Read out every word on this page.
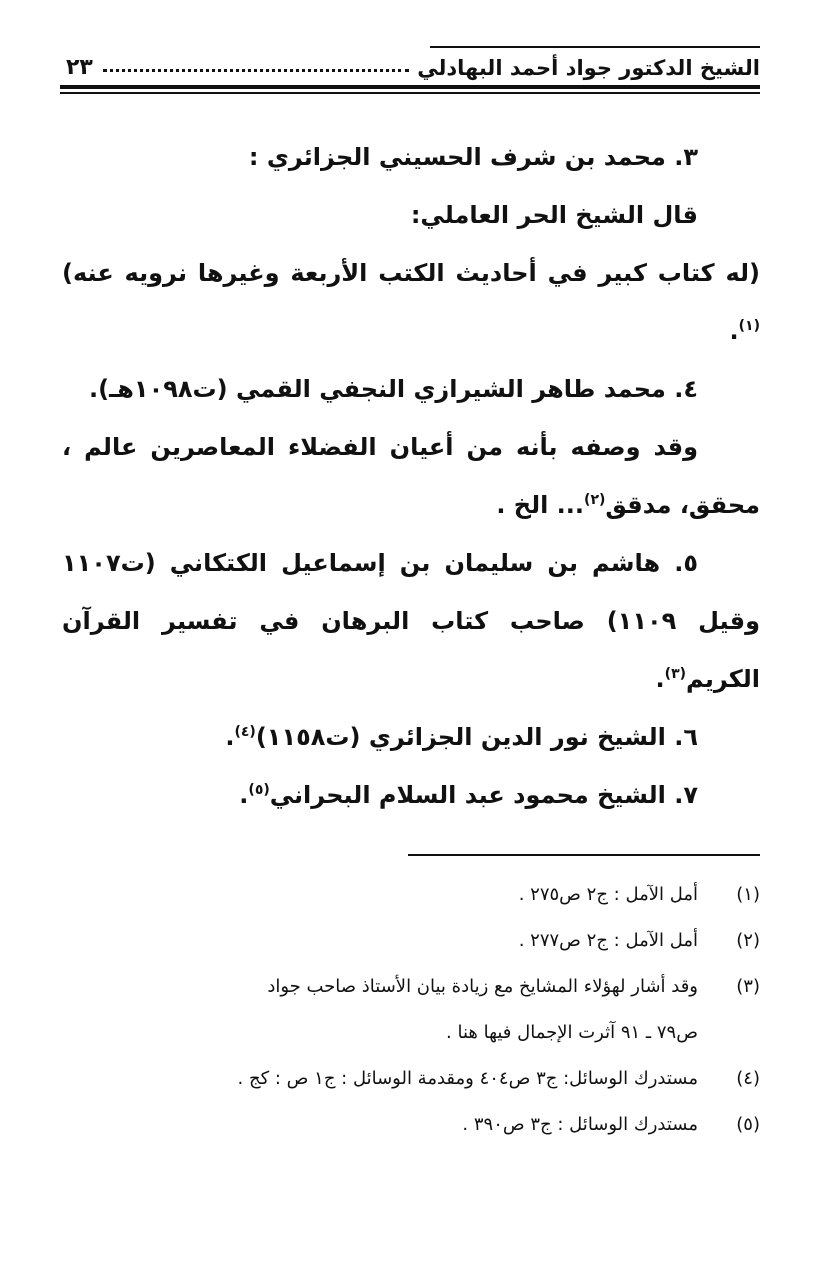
الشيخ الدكتور جواد أحمد البهادلي
٢٣

٣. محمد بن شرف الحسيني الجزائري :

قال الشيخ الحر العاملي:

(له كتاب كبير في أحاديث الكتب الأربعة وغيرها نرويه عنه)$^{(١)}$.

٤. محمد طاهر الشيرازي النجفي القمي (ت١٠٩٨هـ).

وقد وصفه بأنه من أعيان الفضلاء المعاصرين عالم ، محقق، مدقق$^{(٢)}$... الخ .

٥. هاشم بن سليمان بن إسماعيل الكتكاني (ت١١٠٧ وقيل ١١٠٩) صاحب كتاب البرهان في تفسير القرآن الكريم$^{(٣)}$.

٦. الشيخ نور الدين الجزائري (ت١١٥٨)$^{(٤)}$.

٧. الشيخ محمود عبد السلام البحراني$^{(٥)}$.

(١)
أمل الآمل : ج٢ ص٢٧٥ .
(٢)
أمل الآمل : ج٢ ص٢٧٧ .
(٣)وقد أشار لهؤلاء المشايخ مع زيادة بيان الأستاذ صاحب جواد
ص٧٩ ـ ٩١ آثرت الإجمال فيها هنا .
(٤)
مستدرك الوسائل: ج٣ ص٤٠٤ ومقدمة الوسائل : ج١ ص : كج .
(٥)
مستدرك الوسائل : ج٣ ص٣٩٠ .
